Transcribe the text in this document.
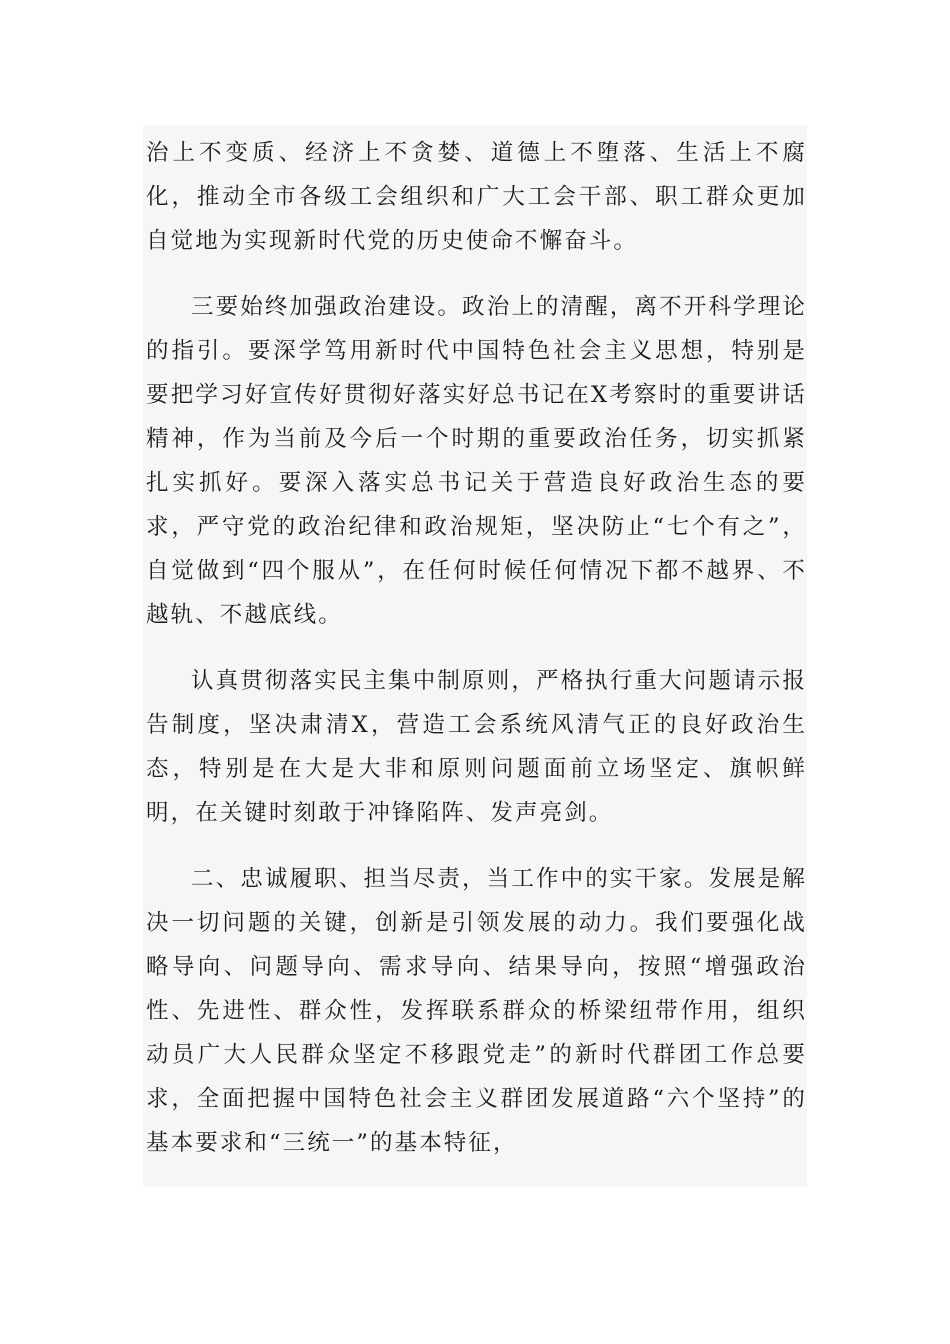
治上不变质、经济上不贪婪、道德上不堕落、生活上不腐化，推动全市各级工会组织和广大工会干部、职工群众更加自觉地为实现新时代党的历史使命不懈奋斗。

三要始终加强政治建设。政治上的清醒，离不开科学理论的指引。要深学笃用新时代中国特色社会主义思想，特别是要把学习好宣传好贯彻好落实好总书记在X考察时的重要讲话精神，作为当前及今后一个时期的重要政治任务，切实抓紧扎实抓好。要深入落实总书记关于营造良好政治生态的要求，严守党的政治纪律和政治规矩，坚决防止“七个有之”，自觉做到“四个服从”，在任何时候任何情况下都不越界、不越轨、不越底线。

认真贯彻落实民主集中制原则，严格执行重大问题请示报告制度，坚决肃清X，营造工会系统风清气正的良好政治生态，特别是在大是大非和原则问题面前立场坚定、旗帜鲜明，在关键时刻敢于冲锋陷阵、发声亮剑。

二、忠诚履职、担当尽责，当工作中的实干家。发展是解决一切问题的关键，创新是引领发展的动力。我们要强化战略导向、问题导向、需求导向、结果导向，按照“增强政治性、先进性、群众性，发挥联系群众的桥梁纽带作用，组织动员广大人民群众坚定不移跟党走”的新时代群团工作总要求，全面把握中国特色社会主义群团发展道路“六个坚持”的基本要求和“三统一”的基本特征，
